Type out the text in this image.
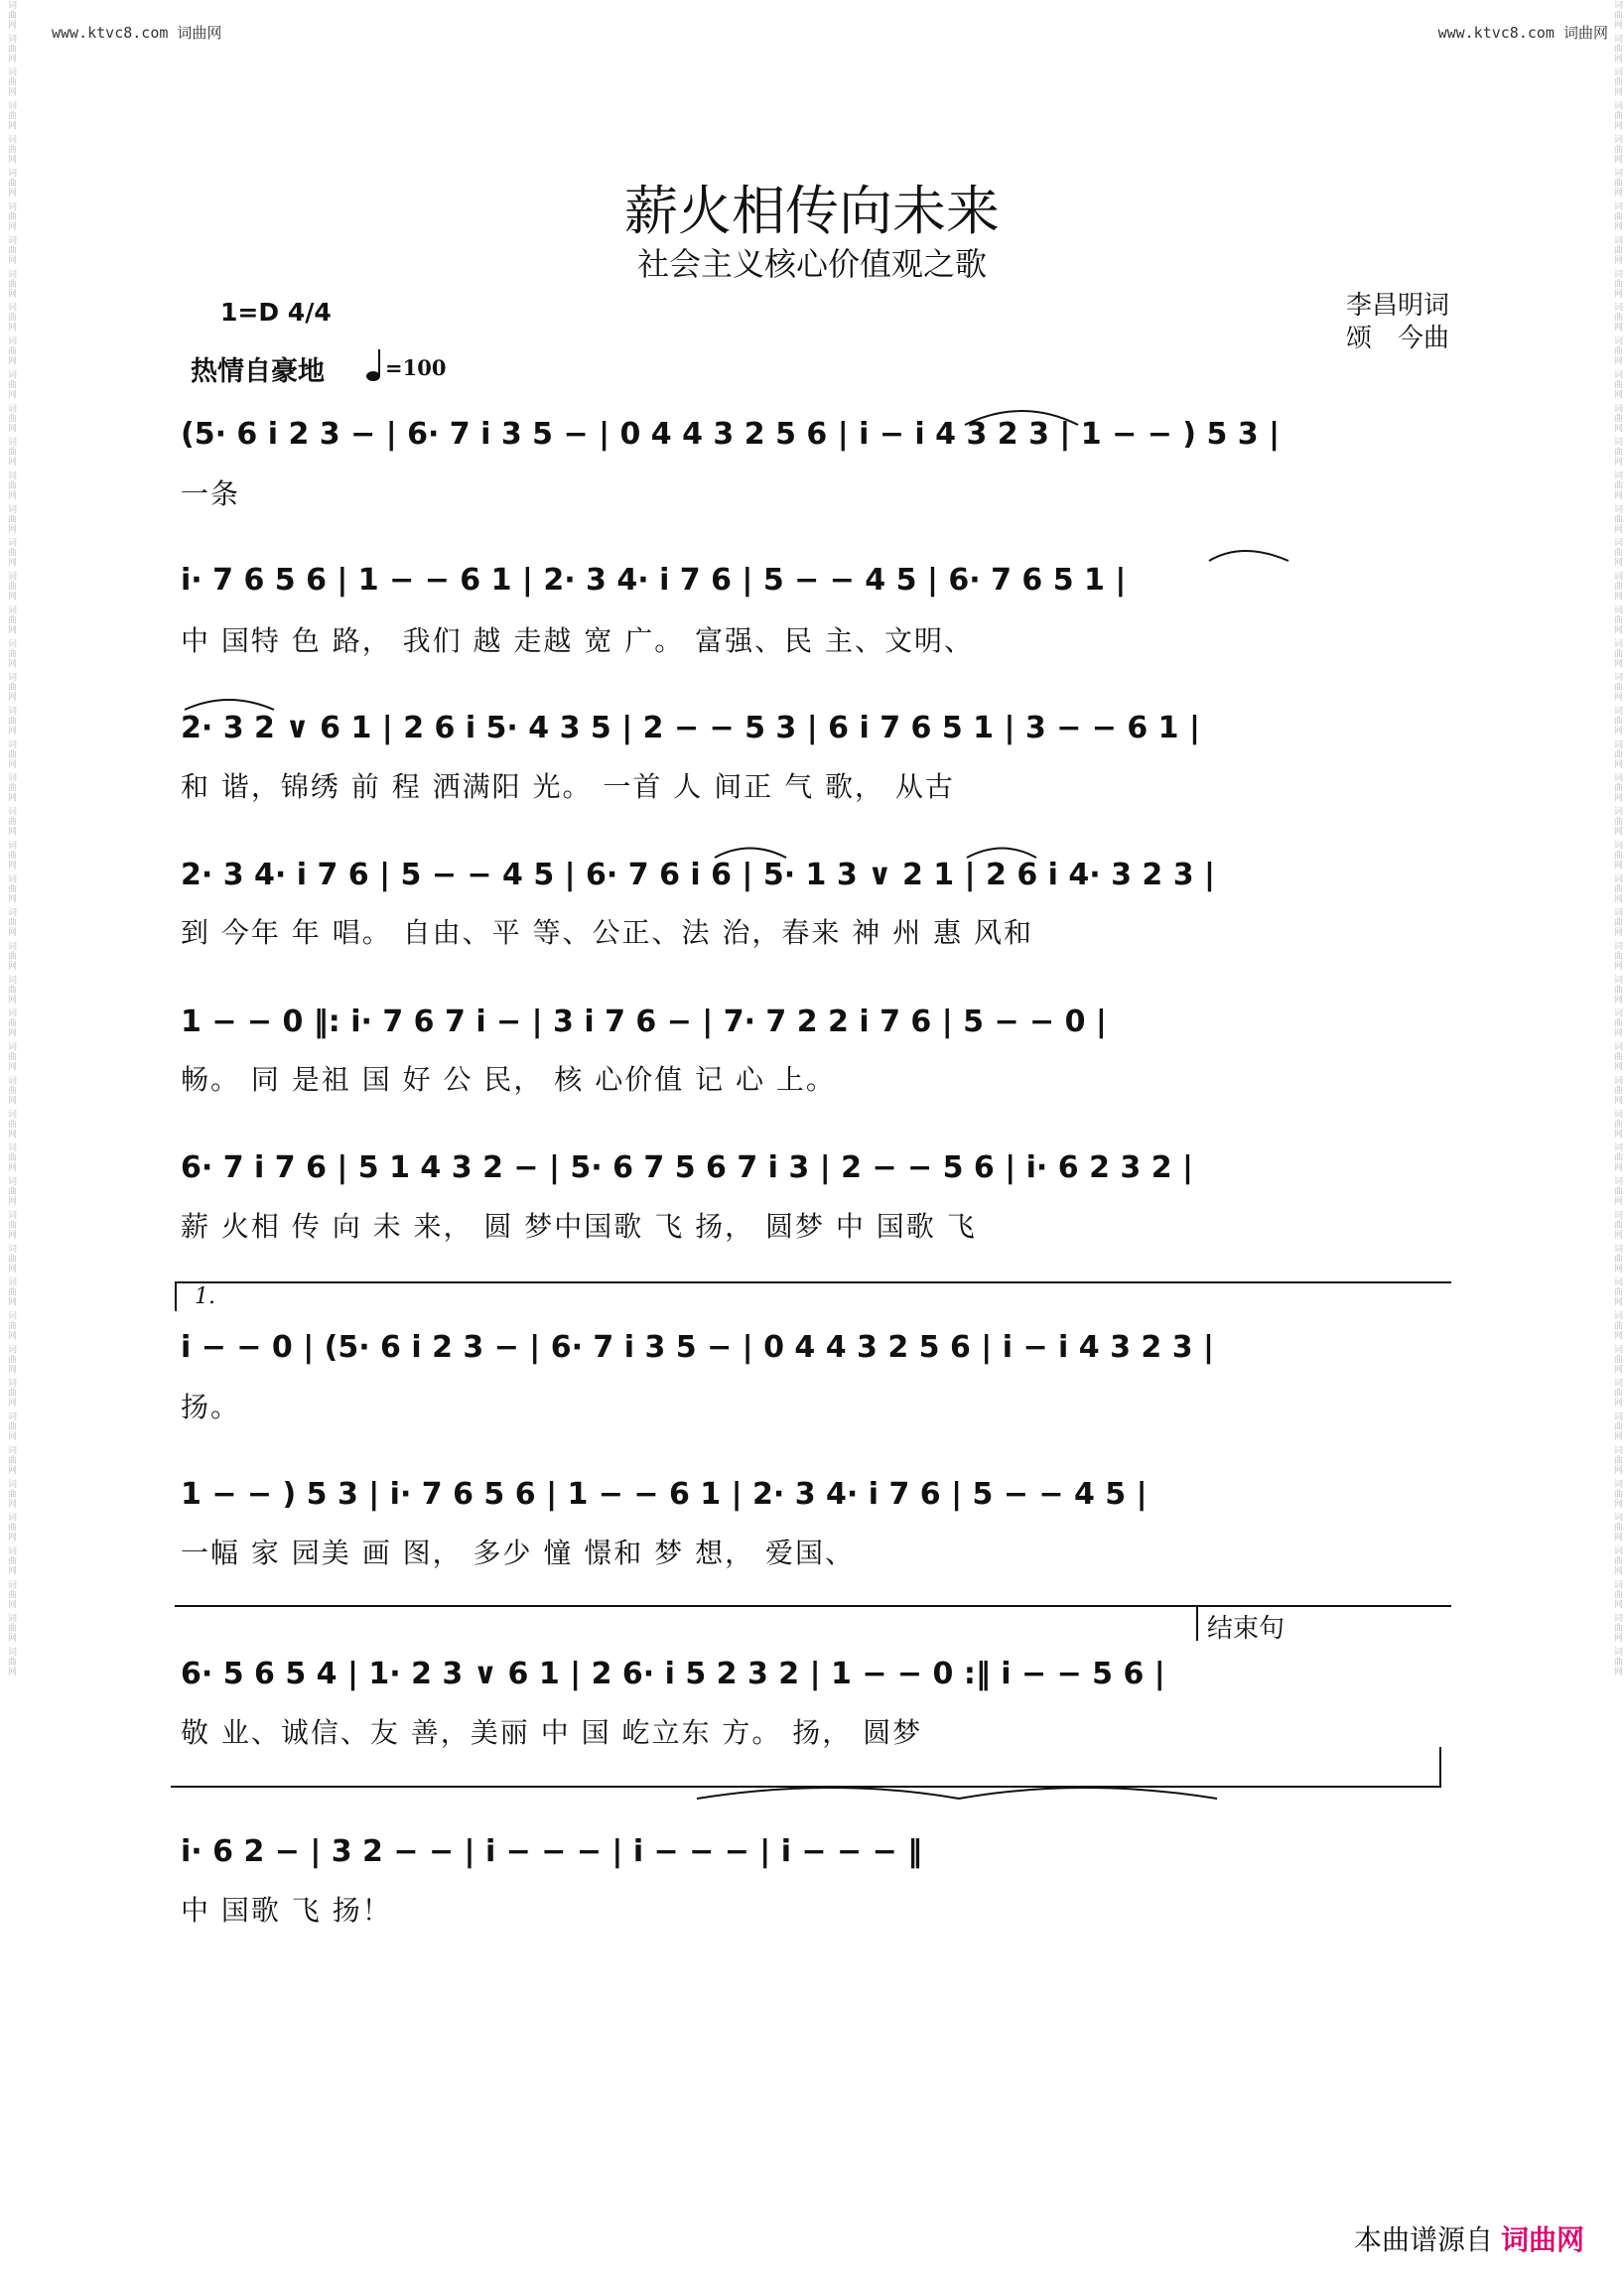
www.ktvc8.com 词曲网	www.ktvc8.com 词曲网
词曲网 词曲网 词曲网 词曲网 词曲网 词曲网 词曲网 词曲网 词曲网 词曲网 词曲网 词曲网 词曲网 词曲网 词曲网 词曲网 词曲网 词曲网 词曲网 词曲网 词曲网 词曲网 词曲网 词曲网 词曲网 词曲网 词曲网 词曲网 词曲网 词曲网 词曲网 词曲网 词曲网 词曲网 词曲网 词曲网 词曲网 词曲网 词曲网 词曲网 词曲网 词曲网 词曲网 词曲网 词曲网 词曲网 词曲网 词曲网 词曲网 词曲网	词曲网 词曲网 词曲网 词曲网 词曲网 词曲网 词曲网 词曲网 词曲网 词曲网 词曲网 词曲网 词曲网 词曲网 词曲网 词曲网 词曲网 词曲网 词曲网 词曲网 词曲网 词曲网 词曲网 词曲网 词曲网 词曲网 词曲网 词曲网 词曲网 词曲网 词曲网 词曲网 词曲网 词曲网 词曲网 词曲网 词曲网 词曲网 词曲网 词曲网 词曲网 词曲网 词曲网 词曲网 词曲网 词曲网 词曲网 词曲网 词曲网 词曲网
薪火相传向未来
社会主义核心价值观之歌
李昌明词
颂　今曲
1=D 4/4
热情自豪地	=100
(5· 6 i 2 3 − | 6· 7 i 3 5 − | 0 4 4 3 2 5 6 | i − i 4 3 2 3 | 1 − − ) 5 3 |
一条
i· 7 6 5 6 | 1 − − 6 1 | 2· 3 4· i 7 6 | 5 − − 4 5 | 6· 7 6 5 1 |
中 国特 色 路， 我们 越 走越 宽 广。 富强、民 主、文明、
2· 3 2 ∨ 6 1 | 2 6 i 5· 4 3 5 | 2 − − 5 3 | 6 i 7 6 5 1 | 3 − − 6 1 |
和 谐，锦绣 前 程 洒满阳 光。 一首 人 间正 气 歌， 从古
2· 3 4· i 7 6 | 5 − − 4 5 | 6· 7 6 i 6 | 5· 1 3 ∨ 2 1 | 2 6 i 4· 3 2 3 |
到 今年 年 唱。 自由、平 等、公正、法 治，春来 神 州 惠 风和
1 − − 0 ‖: i· 7 6 7 i − | 3 i 7 6 − | 7· 7 2 2 i 7 6 | 5 − − 0 |
畅。 同 是祖 国 好 公 民， 核 心价值 记 心 上。
6· 7 i 7 6 | 5 1 4 3 2 − | 5· 6 7 5 6 7 i 3 | 2 − − 5 6 | i· 6 2 3 2 |
薪 火相 传 向 未 来， 圆 梦中国歌 飞 扬， 圆梦 中 国歌 飞
1.
i − − 0 | (5· 6 i 2 3 − | 6· 7 i 3 5 − | 0 4 4 3 2 5 6 | i − i 4 3 2 3 |
扬。
1 − − ) 5 3 | i· 7 6 5 6 | 1 − − 6 1 | 2· 3 4· i 7 6 | 5 − − 4 5 |
一幅 家 园美 画 图， 多少 憧 憬和 梦 想， 爱国、
结束句
6· 5 6 5 4 | 1· 2 3 ∨ 6 1 | 2 6· i 5 2 3 2 | 1 − − 0 :‖ i − − 5 6 |
敬 业、诚信、友 善，美丽 中 国 屹立东 方。 扬， 圆梦
i· 6 2 − | 3 2 − − | i − − − | i − − − | i − − − ‖
中 国歌 飞 扬！
本曲谱源自 词曲网
